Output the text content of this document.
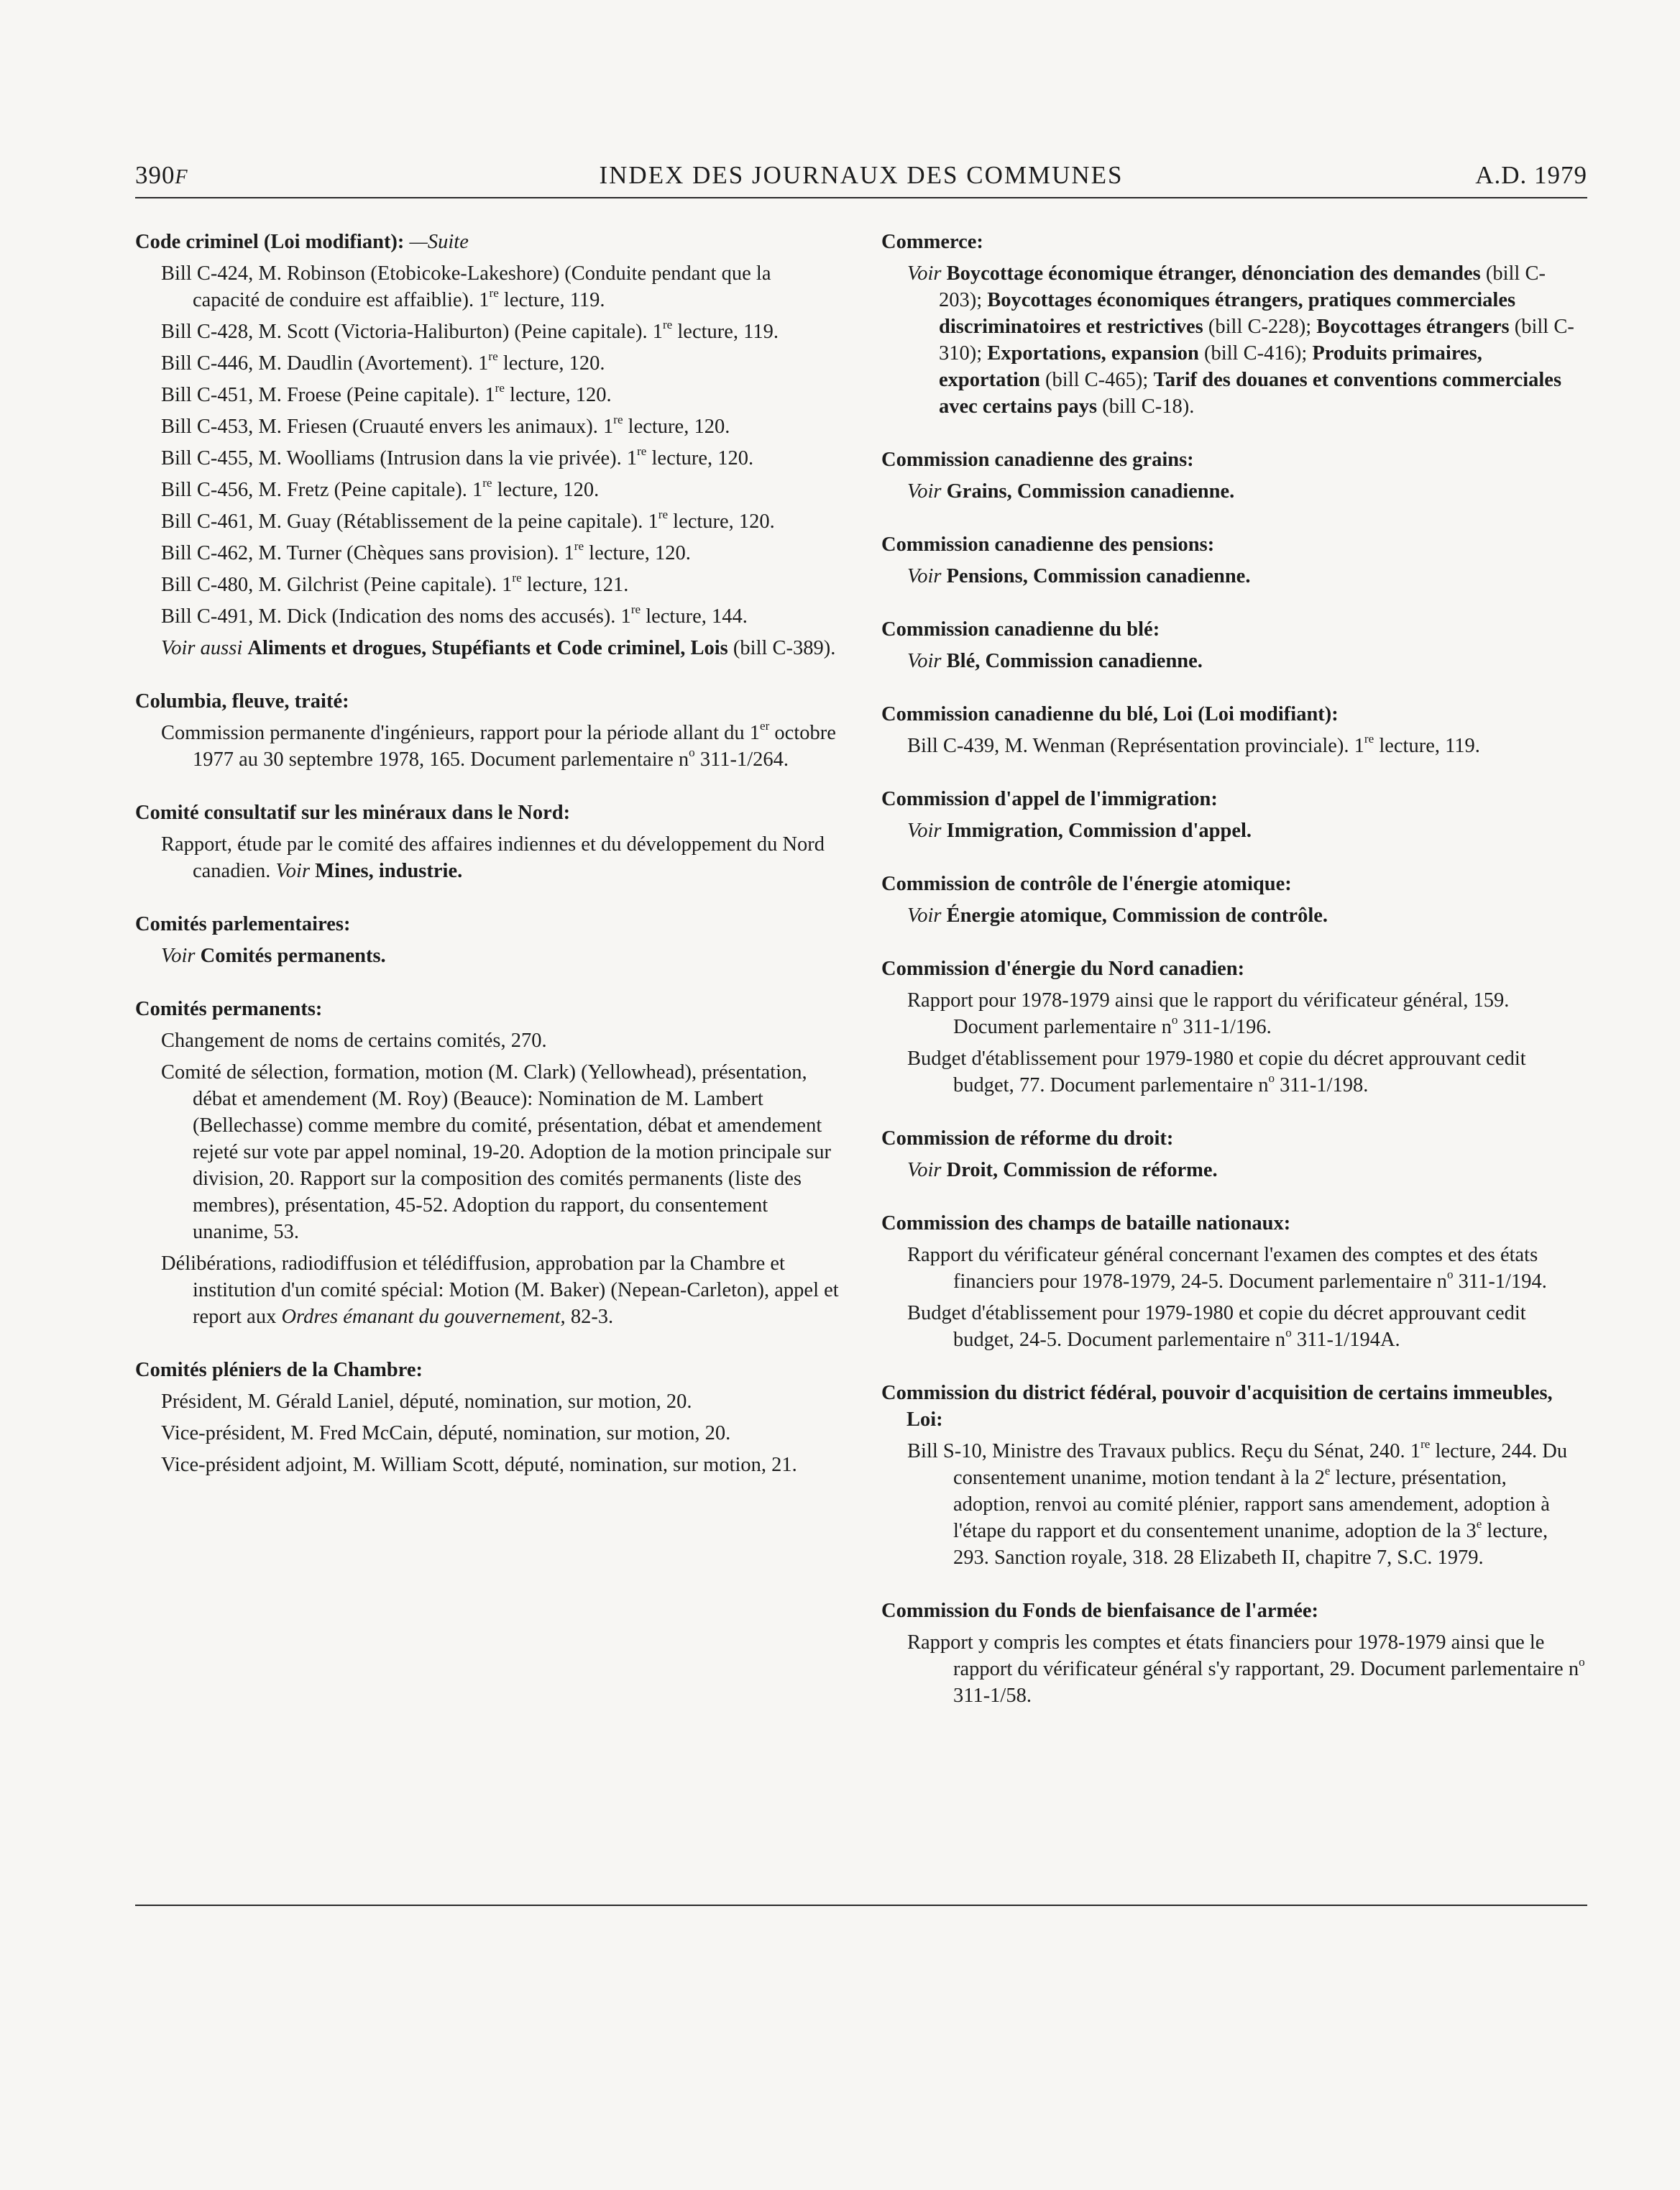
390F	INDEX DES JOURNAUX DES COMMUNES	A.D. 1979
Code criminel (Loi modifiant): —Suite
Bill C-424, M. Robinson (Etobicoke-Lakeshore) (Conduite pendant que la capacité de conduire est affaiblie). 1re lecture, 119.
Bill C-428, M. Scott (Victoria-Haliburton) (Peine capitale). 1re lecture, 119.
Bill C-446, M. Daudlin (Avortement). 1re lecture, 120.
Bill C-451, M. Froese (Peine capitale). 1re lecture, 120.
Bill C-453, M. Friesen (Cruauté envers les animaux). 1re lecture, 120.
Bill C-455, M. Woolliams (Intrusion dans la vie privée). 1re lecture, 120.
Bill C-456, M. Fretz (Peine capitale). 1re lecture, 120.
Bill C-461, M. Guay (Rétablissement de la peine capitale). 1re lecture, 120.
Bill C-462, M. Turner (Chèques sans provision). 1re lecture, 120.
Bill C-480, M. Gilchrist (Peine capitale). 1re lecture, 121.
Bill C-491, M. Dick (Indication des noms des accusés). 1re lecture, 144.
Voir aussi Aliments et drogues, Stupéfiants et Code criminel, Lois (bill C-389).
Columbia, fleuve, traité:
Commission permanente d'ingénieurs, rapport pour la période allant du 1er octobre 1977 au 30 septembre 1978, 165. Document parlementaire $n^o$ 311-1/264.
Comité consultatif sur les minéraux dans le Nord:
Rapport, étude par le comité des affaires indiennes et du développement du Nord canadien. Voir Mines, industrie.
Comités parlementaires:
Voir Comités permanents.
Comités permanents:
Changement de noms de certains comités, 270.
Comité de sélection, formation, motion (M. Clark) (Yellowhead), présentation, débat et amendement (M. Roy) (Beauce): Nomination de M. Lambert (Bellechasse) comme membre du comité, présentation, débat et amendement rejeté sur vote par appel nominal, 19-20. Adoption de la motion principale sur division, 20. Rapport sur la composition des comités permanents (liste des membres), présentation, 45-52. Adoption du rapport, du consentement unanime, 53.
Délibérations, radiodiffusion et télédiffusion, approbation par la Chambre et institution d'un comité spécial: Motion (M. Baker) (Nepean-Carleton), appel et report aux Ordres émanant du gouvernement, 82-3.
Comités pléniers de la Chambre:
Président, M. Gérald Laniel, député, nomination, sur motion, 20.
Vice-président, M. Fred McCain, député, nomination, sur motion, 20.
Vice-président adjoint, M. William Scott, député, nomination, sur motion, 21.
Commerce:
Voir Boycottage économique étranger, dénonciation des demandes (bill C-203); Boycottages économiques étrangers, pratiques commerciales discriminatoires et restrictives (bill C-228); Boycottages étrangers (bill C-310); Exportations, expansion (bill C-416); Produits primaires, exportation (bill C-465); Tarif des douanes et conventions commerciales avec certains pays (bill C-18).
Commission canadienne des grains:
Voir Grains, Commission canadienne.
Commission canadienne des pensions:
Voir Pensions, Commission canadienne.
Commission canadienne du blé:
Voir Blé, Commission canadienne.
Commission canadienne du blé, Loi (Loi modifiant):
Bill C-439, M. Wenman (Représentation provinciale). 1re lecture, 119.
Commission d'appel de l'immigration:
Voir Immigration, Commission d'appel.
Commission de contrôle de l'énergie atomique:
Voir Énergie atomique, Commission de contrôle.
Commission d'énergie du Nord canadien:
Rapport pour 1978-1979 ainsi que le rapport du vérificateur général, 159. Document parlementaire $n^o$ 311-1/196.
Budget d'établissement pour 1979-1980 et copie du décret approuvant cedit budget, 77. Document parlementaire $n^o$ 311-1/198.
Commission de réforme du droit:
Voir Droit, Commission de réforme.
Commission des champs de bataille nationaux:
Rapport du vérificateur général concernant l'examen des comptes et des états financiers pour 1978-1979, 24-5. Document parlementaire $n^o$ 311-1/194.
Budget d'établissement pour 1979-1980 et copie du décret approuvant cedit budget, 24-5. Document parlementaire $n^o$ 311-1/194A.
Commission du district fédéral, pouvoir d'acquisition de certains immeubles, Loi:
Bill S-10, Ministre des Travaux publics. Reçu du Sénat, 240. 1re lecture, 244. Du consentement unanime, motion tendant à la 2e lecture, présentation, adoption, renvoi au comité plénier, rapport sans amendement, adoption à l'étape du rapport et du consentement unanime, adoption de la 3e lecture, 293. Sanction royale, 318. 28 Elizabeth II, chapitre 7, S.C. 1979.
Commission du Fonds de bienfaisance de l'armée:
Rapport y compris les comptes et états financiers pour 1978-1979 ainsi que le rapport du vérificateur général s'y rapportant, 29. Document parlementaire $n^o$ 311-1/58.
